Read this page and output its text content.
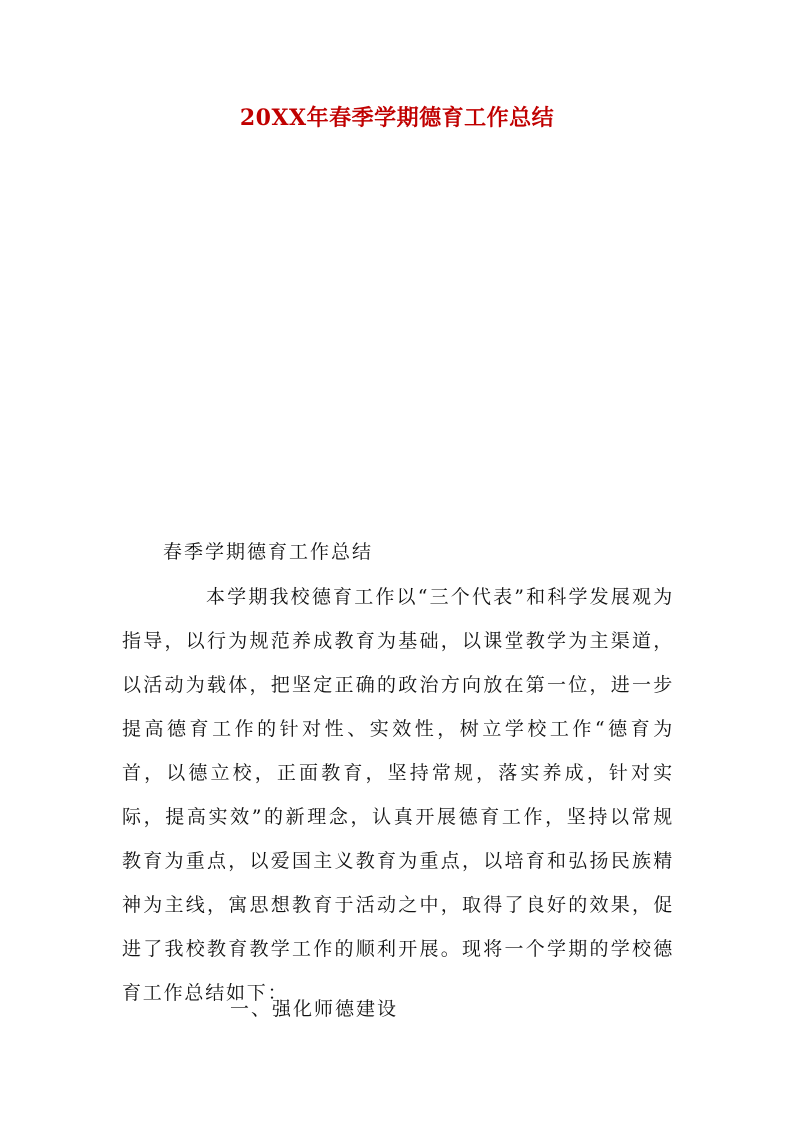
20XX年春季学期德育工作总结

春季学期德育工作总结

本学期我校德育工作以“三个代表”和科学发展观为指导，以行为规范养成教育为基础，以课堂教学为主渠道，以活动为载体，把坚定正确的政治方向放在第一位，进一步提高德育工作的针对性、实效性，树立学校工作“德育为首，以德立校，正面教育，坚持常规，落实养成，针对实际，提高实效”的新理念，认真开展德育工作，坚持以常规教育为重点，以爱国主义教育为重点，以培育和弘扬民族精神为主线，寓思想教育于活动之中，取得了良好的效果，促进了我校教育教学工作的顺利开展。现将一个学期的学校德育工作总结如下：

一、强化师德建设
